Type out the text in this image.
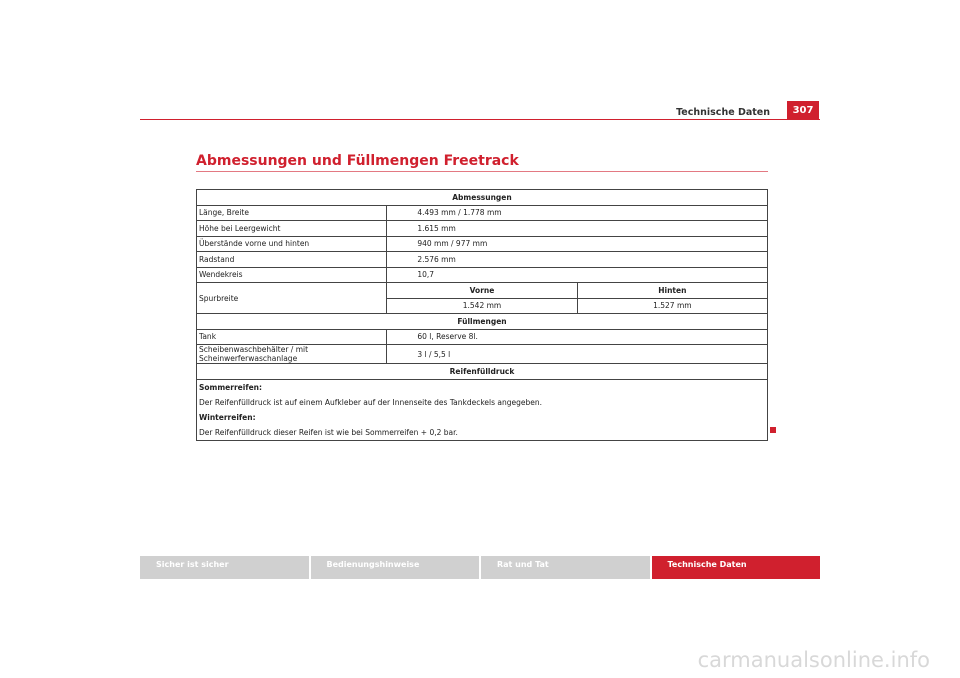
Technische Daten	307
Abmessungen und Füllmengen Freetrack
Abmessungen		
Länge, Breite	4.493 mm / 1.778 mm	
Höhe bei Leergewicht	1.615 mm	
Überstände vorne und hinten	940 mm / 977 mm	
Radstand	2.576 mm	
Wendekreis	10,7	
Spurbreite	Vorne	Hinten
	1.542 mm	1.527 mm
Füllmengen		
Tank	60 l, Reserve 8l.	
Scheibenwaschbehälter / mit Scheinwerferwaschanlage	3 l / 5,5 l	
Reifenfülldruck		

Sommerreifen:
Der Reifenfülldruck ist auf einem Aufkleber auf der Innenseite des Tankdeckels angegeben.
Winterreifen:
Der Reifenfülldruck dieser Reifen ist wie bei Sommerreifen + 0,2 bar.		
Sicher ist sicher	Bedienungshinweise	Rat und Tat	Technische Daten
carmanualsonline.info
